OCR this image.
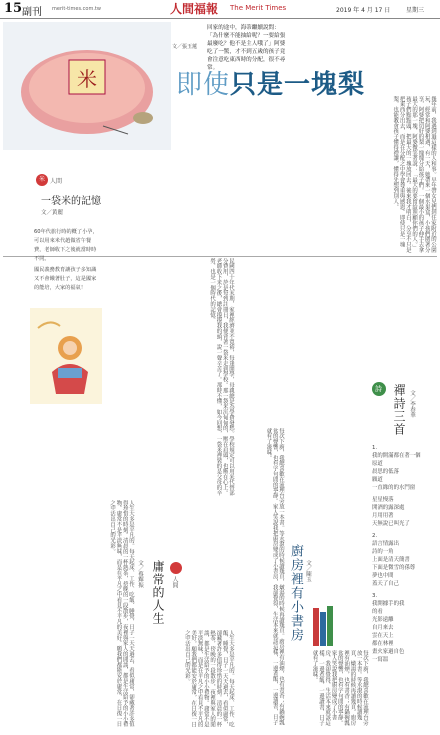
15 副刊 merit-times.com.tw	人間福報 The Merit Times	2019 年 4 月 17 日	星期三
米
回家的途中，海蒂繼續說問：「為什麼不能抽給呢？一要給張最廢吃？他不是主人哦了」阿婆吃了一驚，才不到五歲的孩子竟會注意吃東西時的分配，很不尋常。
文／張玉蓮
即使只是一塊梨
幾年前，我遇到過這樣的人和事。早年帶女兒們到住家附近的公園玩，經常和阿婆相遇，有一天，她帶來一個水果盒，小孩們圍著分享，阿婆把切好的梨一塊塊分給孩子們。一個最小的孩子伸手去拿最大的那一塊，阿婆微笑著說：「最大的要留給照顧你們的人。」孩子們點點頭，把最大的一塊放回去。後來我才明白，分享不只是把東西分出去，而是在分配之中學會尊重與感恩。即使只是一塊梨，也能教會孩子懂得禮讓，懂得先想到別人。
米 人間
一袋米的記憶
文／黃麗
60年代旅行時的概了小孕，可以用來米代趙做省午餐費，老師收下之後就當時時不同。
國民義務教育讓孩子多知識又不會餓著肚子，這是國家的能培，大家的福氣！	民國四十年代末期，家裡經濟並不寬裕，每逢開學，母親總是為學費發愁。學校規定可以用米代替部分費用，於是每到註冊日，我便背著一袋米走到學校。那一袋米沉甸甸的，壓在肩頭，也壓在心上。老師收下米之後，總會摸摸我的頭，說一聲辛苦了。那時不懂，如今回想，一袋米裡裝的是父母的辛勞，也是一個時代的記憶。
詩 禪詩三首 文／李春華
1.
我的開滿都在著一個
原道
晨思的低落
願道
一直緣的的水鬥窗
星星慢落
開酒的露深處
月用用著
天無說已叫光了
2.
語言情露出
詩的一角
上面是清天簡書
下面是微雪的孫尊
夢也中間
蓋天了自己
3.
我開據手的我
的看
光影遠離
自月來去
雲在天上
都在林裡
畫火家過自色
一寫溫
廚房裡有小書房 文／陳玉
每次下廚，我總喜歡在流理台旁放一本書。等水滾的時候讀幾頁，燉湯的時候再讀幾頁。廚房裡有油煙，也有書香；有鍋碗瓢盆的聲響，也有字句間的寧靜。家人笑說我把廚房變成了小書房，我卻覺得，生活本來就該這樣，一邊煮飯，一邊讀書，日子就有了滋味。
每次下廚，我總喜歡在流理台旁放一本書。等水滾的時候讀幾頁，燉湯的時候再讀幾頁。廚房裡有油煙，也有書香；有鍋碗瓢盆的聲響，也有字句間的寧靜。家人笑說我把廚房變成了小書房，我卻覺得，生活本來就該這樣，一邊煮飯，一邊讀書，日子就有了滋味。
人間
庸常的人生
文／蔡輝振
人生大多是平凡的。每天起床、工作、吃飯、睡覺，日子一天天過去，看似庸常，卻藏著許多值得珍惜的時刻。清晨的一杯熱茶，傍晚的一段散步，夜裡與家人的閒談，都是生活給予的小小禮物。庸常不是平淡無味，而是在平凡之中看見不平凡的美好。願我們都能安於庸常，在日復一日之中活出自己的光彩。
人生大多是平凡的。每天起床、工作、吃飯、睡覺，日子一天天過去，看似庸常，卻藏著許多值得珍惜的時刻。清晨的一杯熱茶，傍晚的一段散步，夜裡與家人的閒談，都是生活給予的小小禮物。庸常不是平淡無味，而是在平凡之中看見不平凡的美好。願我們都能安於庸常，在日復一日之中活出自己的光彩。
